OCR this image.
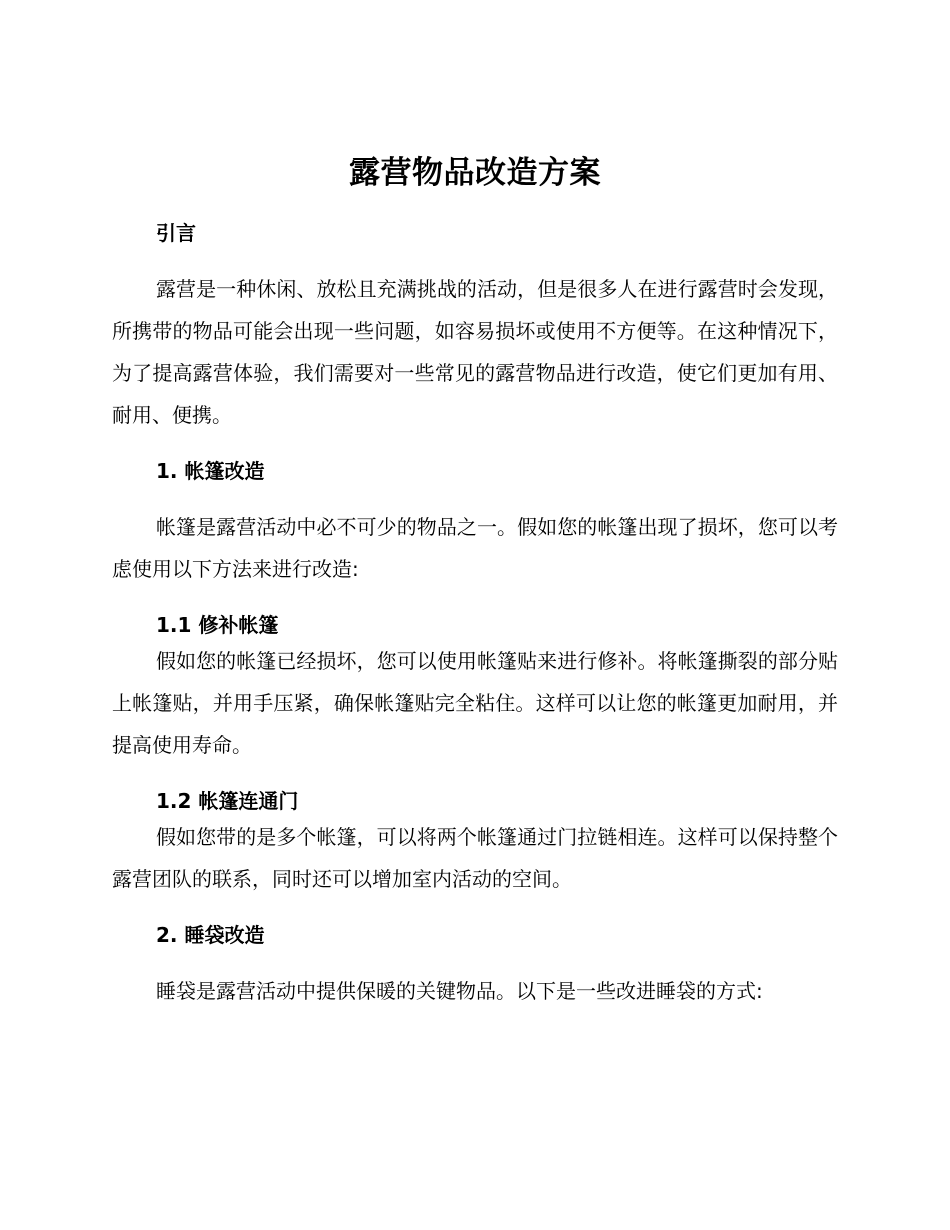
露营物品改造方案
引言

露营是一种休闲、放松且充满挑战的活动，但是很多人在进行露营时会发现，所携带的物品可能会出现一些问题，如容易损坏或使用不方便等。在这种情况下，为了提高露营体验，我们需要对一些常见的露营物品进行改造，使它们更加有用、耐用、便携。

1. 帐篷改造

帐篷是露营活动中必不可少的物品之一。假如您的帐篷出现了损坏，您可以考虑使用以下方法来进行改造:

1.1 修补帐篷

假如您的帐篷已经损坏，您可以使用帐篷贴来进行修补。将帐篷撕裂的部分贴上帐篷贴，并用手压紧，确保帐篷贴完全粘住。这样可以让您的帐篷更加耐用，并提高使用寿命。

1.2 帐篷连通门

假如您带的是多个帐篷，可以将两个帐篷通过门拉链相连。这样可以保持整个露营团队的联系，同时还可以增加室内活动的空间。

2. 睡袋改造

睡袋是露营活动中提供保暖的关键物品。以下是一些改进睡袋的方式:
